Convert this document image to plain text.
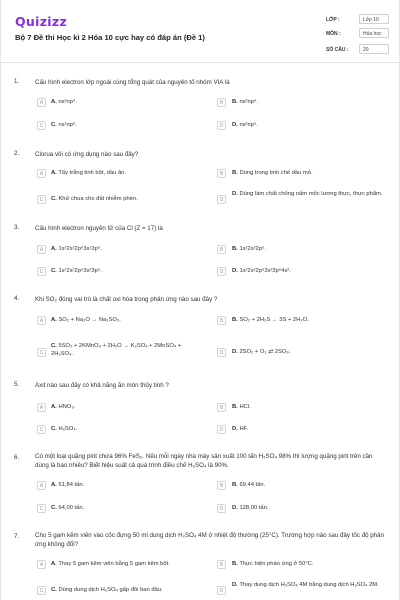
Quizizz
Bộ 7 Đề thi Học kì 2 Hóa 10 cực hay có đáp án (Đề 1)
LỚP :	Lớp 10
MÔN :	Hóa học
SỐ CÂU :	20
1.	Cấu hình electron lớp ngoài cùng tổng quát của nguyên tố nhóm VIA là
A	A. ns²np⁴.	B	B. ns²np⁶.
C	C. ns¹np⁵.	D	D. ns²np⁵.
2.	Clorua vôi có ứng dụng nào sau đây?
A	A. Tẩy trắng tinh bột, dầu ăn.	B	B. Dùng trong tinh chế dầu mỏ.
C	C. Khử chua cho đất nhiễm phèn.	D
D. Dùng làm chất chống nấm mốc lương thực, thực phẩm.
3.	Cấu hình electron nguyên tử của Cl (Z = 17) là
A	A. 1s²2s²2p⁶3s¹3p⁶.	B	B. 1s²2s²2p⁵.
C	C. 1s²2s²2p⁶3s²3p⁵.	D	D. 1s²2s²2p⁶3s²3p⁶4s².
4.	Khi SO₂ đóng vai trò là chất oxi hóa trong phản ứng nào sau đây ?
A	A. SO₂ + Na₂O → Na₂SO₃.	B	B. SO₂ + 2H₂S → 3S + 2H₂O.
C
C. 5SO₂ + 2KMnO₄ + 2H₂O → K₂SO₄ + 2MnSO₄ + 2H₂SO₄.	D	D. 2SO₂ + O₂ ⇄ 2SO₃.
5.	Axit nào sau đây có khả năng ăn mòn thủy tinh ?
A	A. HNO₃.	B	B. HCl.
C	C. H₂SO₄.	D	D. HF.
6.	Có một loại quặng pirit chứa 96% FeS₂. Nếu mỗi ngày nhà máy sản xuất 100 tấn H₂SO₄ 98% thì lượng quặng pirit trên cần dùng là bao nhiêu? Biết hiệu suất cả quá trình điều chế H₂SO₄ là 90%.
A	A. 51,84 tấn.	B	B. 69,44 tấn.
C	C. 64,00 tấn.	D	D. 128,00 tấn.
7.	Cho 5 gam kẽm viên vào cốc đựng 50 ml dung dịch H₂SO₄ 4M ở nhiệt độ thường (25°C). Trường hợp nào sau đây tốc độ phản ứng không đổi?
A	A. Thay 5 gam kẽm viên bằng 5 gam kẽm bột.	B	B. Thực hiện phản ứng ở 50°C.
C	C. Dùng dung dịch H₂SO₄ gấp đôi ban đầu.	D
D. Thay dung dịch H₂SO₄ 4M bằng dung dịch H₂SO₄ 2M.
